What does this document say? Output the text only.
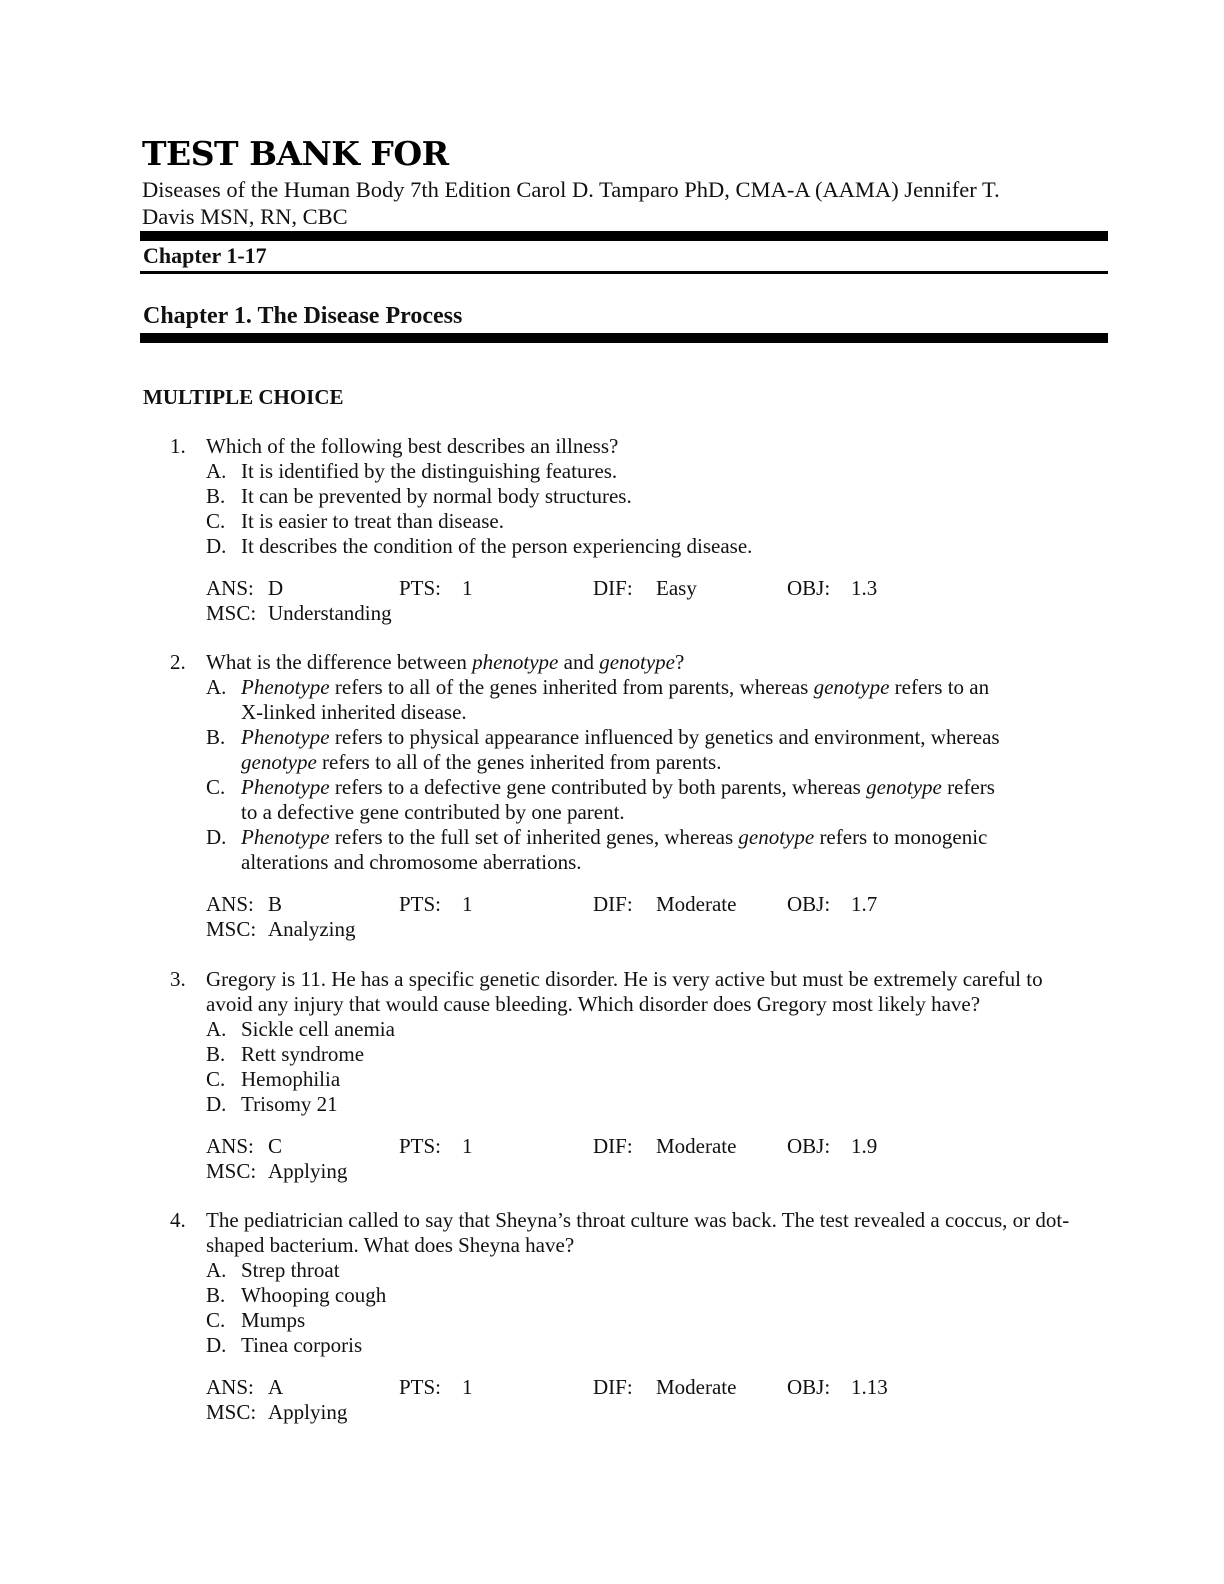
TEST BANK FOR
Diseases of the Human Body 7th Edition Carol D. Tamparo PhD, CMA-A (AAMA) Jennifer T.
Davis MSN, RN, CBC
Chapter 1-17
Chapter 1. The Disease Process
MULTIPLE CHOICE
1. Which of the following best describes an illness?
A. It is identified by the distinguishing features.
B. It can be prevented by normal body structures.
C. It is easier to treat than disease.
D. It describes the condition of the person experiencing disease.
ANS: D	PTS: 1	DIF: Easy	OBJ: 1.3
MSC: Understanding
2. What is the difference between phenotype and genotype?
A. Phenotype refers to all of the genes inherited from parents, whereas genotype refers to an
X-linked inherited disease.
B. Phenotype refers to physical appearance influenced by genetics and environment, whereas
genotype refers to all of the genes inherited from parents.
C. Phenotype refers to a defective gene contributed by both parents, whereas genotype refers
to a defective gene contributed by one parent.
D. Phenotype refers to the full set of inherited genes, whereas genotype refers to monogenic
alterations and chromosome aberrations.
ANS: B	PTS: 1	DIF: Moderate OBJ: 1.7
MSC: Analyzing
3. Gregory is 11. He has a specific genetic disorder. He is very active but must be extremely careful to
avoid any injury that would cause bleeding. Which disorder does Gregory most likely have?
A. Sickle cell anemia
B. Rett syndrome
C. Hemophilia
D. Trisomy 21
ANS: C	PTS: 1	DIF: Moderate OBJ: 1.9
MSC: Applying
4. The pediatrician called to say that Sheyna’s throat culture was back. The test revealed a coccus, or dot-
shaped bacterium. What does Sheyna have?
A. Strep throat
B. Whooping cough
C. Mumps
D. Tinea corporis
ANS: A	PTS: 1	DIF: Moderate OBJ: 1.13
MSC: Applying
